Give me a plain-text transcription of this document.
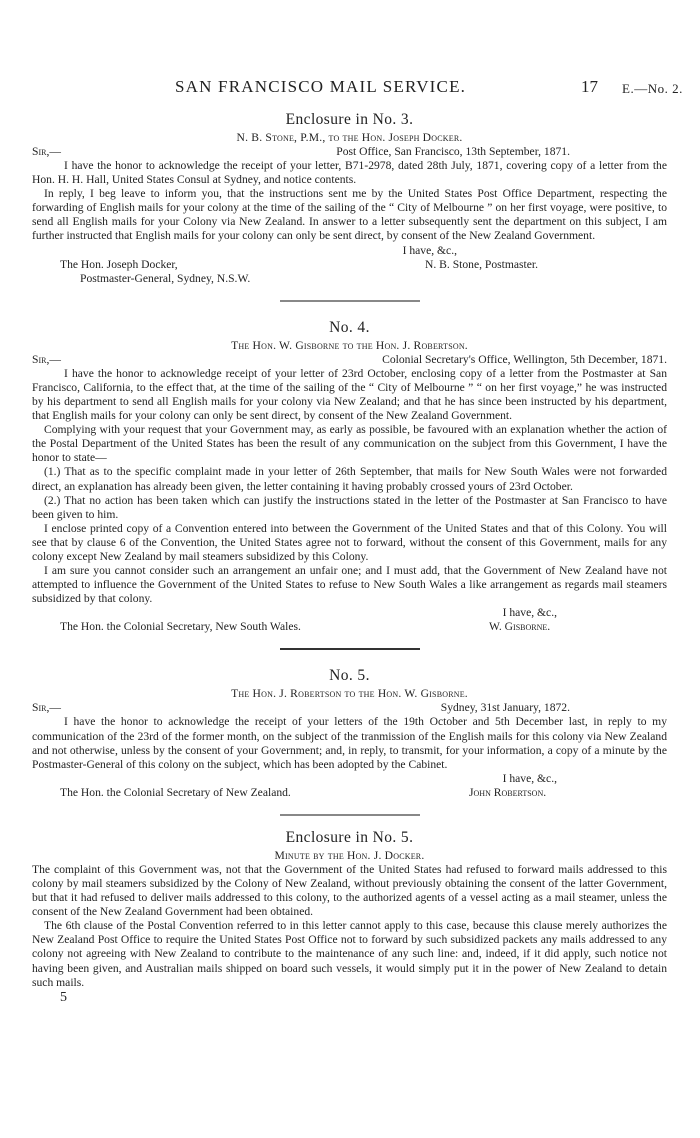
SAN FRANCISCO MAIL SERVICE.	17 E.—No. 2.
Enclosure in No. 3.
N. B. Stone, P.M., to the Hon. Joseph Docker.
Sir,—	Post Office, San Francisco, 13th September, 1871.

I have the honor to acknowledge the receipt of your letter, B71-2978, dated 28th July, 1871, covering copy of a letter from the Hon. H. H. Hall, United States Consul at Sydney, and notice contents.

In reply, I beg leave to inform you, that the instructions sent me by the United States Post Office Department, respecting the forwarding of English mails for your colony at the time of the sailing of the “ City of Melbourne ” on her first voyage, were positive, to send all English mails for your Colony via New Zealand. In answer to a letter subsequently sent the department on this subject, I am further instructed that English mails for your colony can only be sent direct, by consent of the New Zealand Government.

I have, &c.,
The Hon. Joseph Docker,	N. B. Stone, Postmaster.
Postmaster-General, Sydney, N.S.W.
No. 4.
The Hon. W. Gisborne to the Hon. J. Robertson.
Sir,—	Colonial Secretary's Office, Wellington, 5th December, 1871.

I have the honor to acknowledge receipt of your letter of 23rd October, enclosing copy of a letter from the Postmaster at San Francisco, California, to the effect that, at the time of the sailing of the “ City of Melbourne ” “ on her first voyage,” he was instructed by his department to send all English mails for your colony via New Zealand; and that he has since been instructed by his department, that English mails for your colony can only be sent direct, by consent of the New Zealand Government.

Complying with your request that your Government may, as early as possible, be favoured with an explanation whether the action of the Postal Department of the United States has been the result of any communication on the subject from this Government, I have the honor to state—

(1.) That as to the specific complaint made in your letter of 26th September, that mails for New South Wales were not forwarded direct, an explanation has already been given, the letter containing it having probably crossed yours of 23rd October.

(2.) That no action has been taken which can justify the instructions stated in the letter of the Postmaster at San Francisco to have been given to him.

I enclose printed copy of a Convention entered into between the Government of the United States and that of this Colony. You will see that by clause 6 of the Convention, the United States agree not to forward, without the consent of this Government, mails for any colony except New Zealand by mail steamers subsidized by this Colony.

I am sure you cannot consider such an arrangement an unfair one; and I must add, that the Government of New Zealand have not attempted to influence the Government of the United States to refuse to New South Wales a like arrangement as regards mail steamers subsidized by that colony.

I have, &c.,
The Hon. the Colonial Secretary, New South Wales.	W. Gisborne.
No. 5.
The Hon. J. Robertson to the Hon. W. Gisborne.
Sir,—	Sydney, 31st January, 1872.

I have the honor to acknowledge the receipt of your letters of the 19th October and 5th December last, in reply to my communication of the 23rd of the former month, on the subject of the tranmission of the English mails for this colony via New Zealand and not otherwise, unless by the consent of your Government; and, in reply, to transmit, for your information, a copy of a minute by the Postmaster-General of this colony on the subject, which has been adopted by the Cabinet.

I have, &c.,
The Hon. the Colonial Secretary of New Zealand.	John Robertson.
Enclosure in No. 5.
Minute by the Hon. J. Docker.

The complaint of this Government was, not that the Government of the United States had refused to forward mails addressed to this colony by mail steamers subsidized by the Colony of New Zealand, without previously obtaining the consent of the latter Government, but that it had refused to deliver mails addressed to this colony, to the authorized agents of a vessel acting as a mail steamer, unless the consent of the New Zealand Government had been obtained.

The 6th clause of the Postal Convention referred to in this letter cannot apply to this case, because this clause merely authorizes the New Zealand Post Office to require the United States Post Office not to forward by such subsidized packets any mails addressed to any colony not agreeing with New Zealand to contribute to the maintenance of any such line: and, indeed, if it did apply, such notice not having been given, and Australian mails shipped on board such vessels, it would simply put it in the power of New Zealand to detain such mails.

5
